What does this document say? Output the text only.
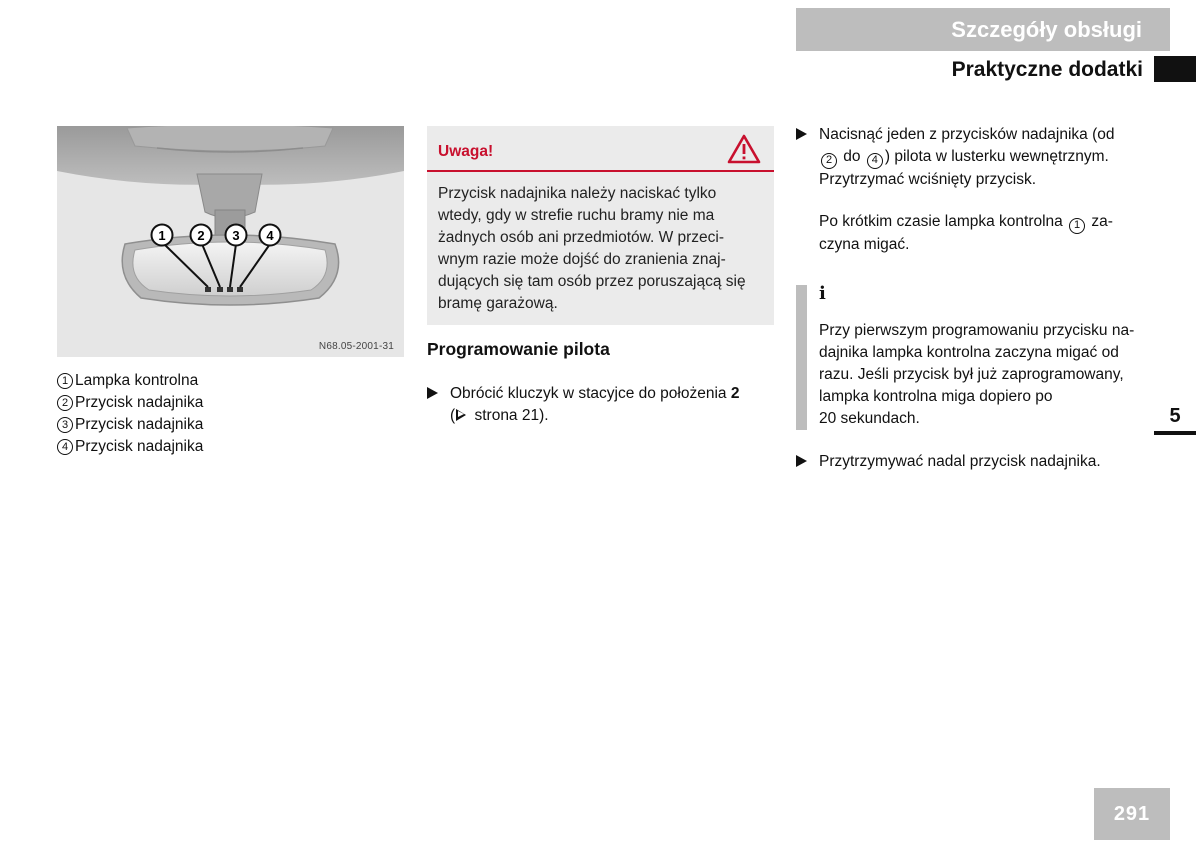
Szczegóły obsługi
Praktyczne dodatki
1 2 3 4
N68.05-2001-31
1 Lampka kontrolna
2 Przycisk nadajnika
3 Przycisk nadajnika
4 Przycisk nadajnika
Uwaga!
Przycisk nadajnika należy naciskać tylko
wtedy, gdy w strefie ruchu bramy nie ma
żadnych osób ani przedmiotów. W przeci-
wnym razie może dojść do zranienia znaj-
dujących się tam osób przez poruszającą się
bramę garażową.
Programowanie pilota
Obrócić kluczyk w stacyjce do położenia 2
( strona 21).
Nacisnąć jeden z przycisków nadajnika (od
2 do 4 ) pilota w lusterku wewnętrznym.
Przytrzymać wciśnięty przycisk.
Po krótkim czasie lampka kontrolna 1 za-
czyna migać.
i
Przy pierwszym programowaniu przycisku na-
dajnika lampka kontrolna zaczyna migać od
razu. Jeśli przycisk był już zaprogramowany,
lampka kontrolna miga dopiero po
20 sekundach.
Przytrzymywać nadal przycisk nadajnika.
5
291
